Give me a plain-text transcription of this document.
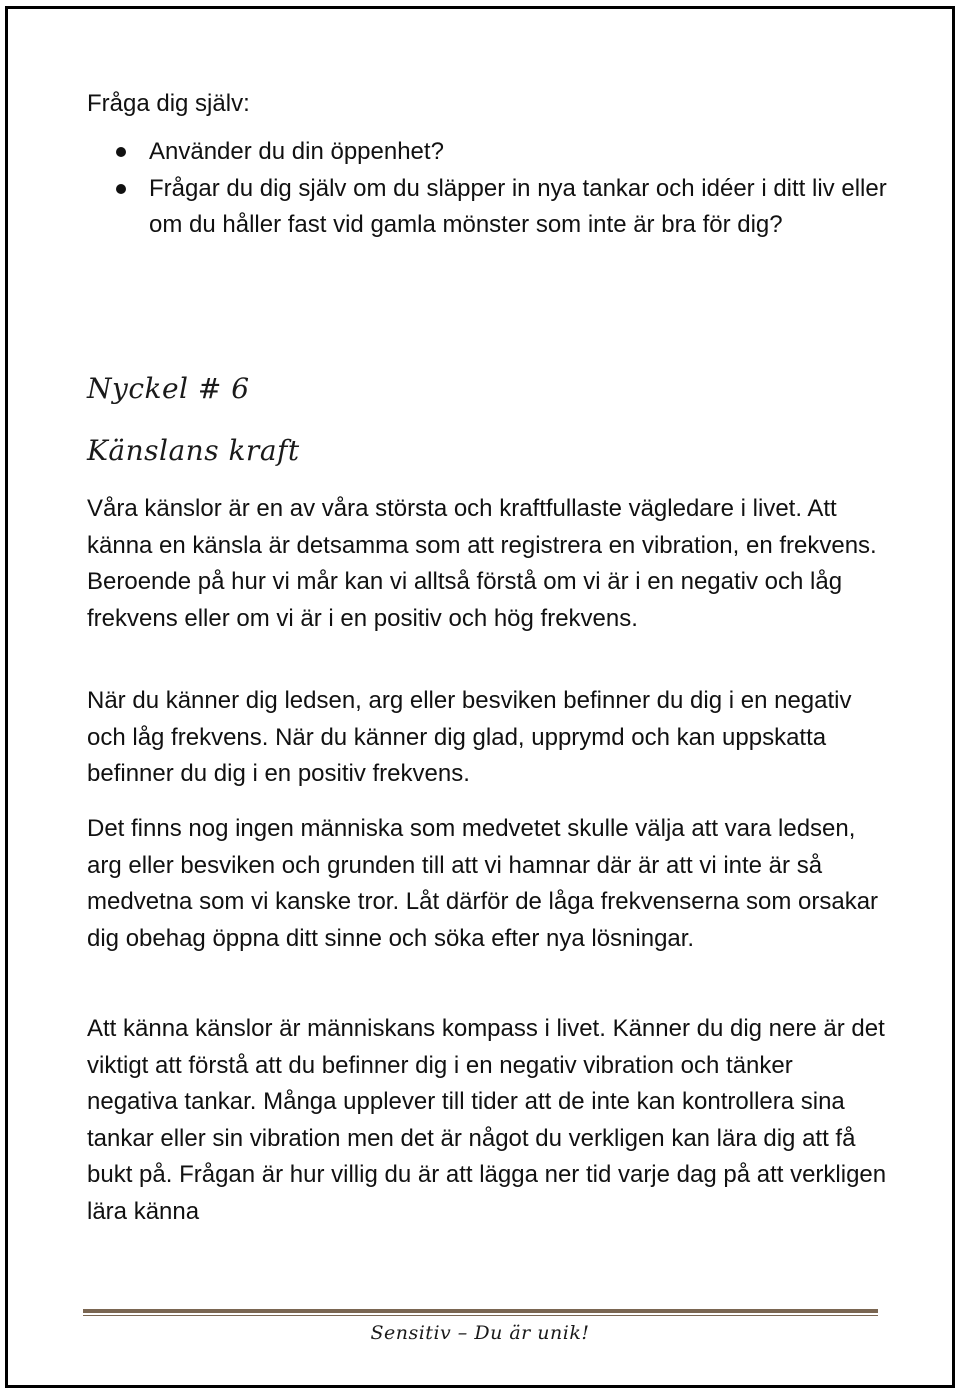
Fråga dig själv:

Använder du din öppenhet?
Frågar du dig själv om du släpper in nya tankar och idéer i ditt liv eller om du håller fast vid gamla mönster som inte är bra för dig?

Nyckel # 6

Känslans kraft

Våra känslor är en av våra största och kraftfullaste vägledare i livet. Att känna en känsla är detsamma som att registrera en vibration, en frekvens. Beroende på hur vi mår kan vi alltså förstå om vi är i en negativ och låg frekvens eller om vi är i en positiv och hög frekvens.

När du känner dig ledsen, arg eller besviken befinner du dig i en negativ och låg frekvens. När du känner dig glad, upprymd och kan uppskatta befinner du dig i en positiv frekvens.

Det finns nog ingen människa som medvetet skulle välja att vara ledsen, arg eller besviken och grunden till att vi hamnar där är att vi inte är så medvetna som vi kanske tror. Låt därför de låga frekvenserna som orsakar dig obehag öppna ditt sinne och söka efter nya lösningar.

Att känna känslor är människans kompass i livet. Känner du dig nere är det viktigt att förstå att du befinner dig i en negativ vibration och tänker negativa tankar. Många upplever till tider att de inte kan kontrollera sina tankar eller sin vibration men det är något du verkligen kan lära dig att få bukt på. Frågan är hur villig du är att lägga ner tid varje dag på att verkligen lära känna

Sensitiv – Du är unik!
